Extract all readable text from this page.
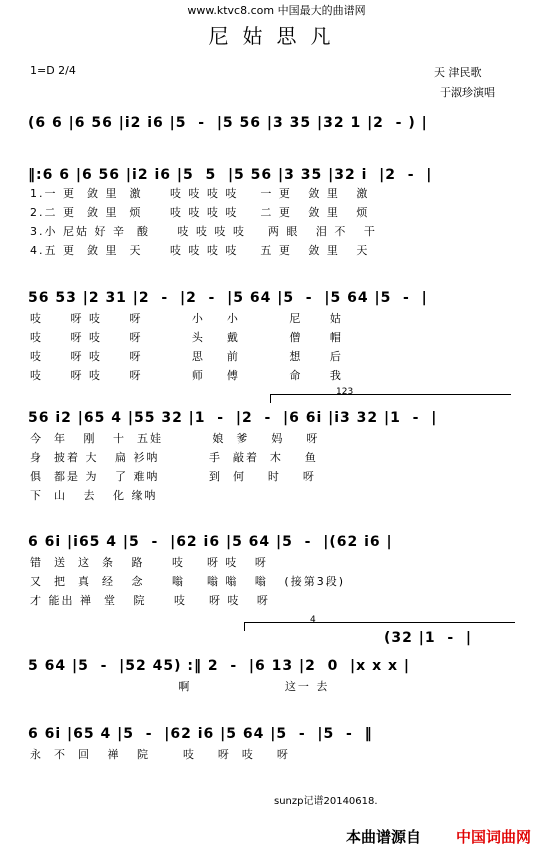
www.ktvc8.com 中国最大的曲谱网
尼姑思凡
1=D 2/4	天 津民歌
于淑珍演唱
(6 6 |6 56 |i2 i6 |5  -  |5 56 |3 35 |32 1 |2  - ) |
‖:6 6 |6 56 |i2 i6 |5  5  |5 56 |3 35 |32 i  |2  -  |
1.一 更  敛 里  激     吱 吱 吱 吱    一 更   敛 里   激
2.二 更  敛 里  烦     吱 吱 吱 吱    二 更   敛 里   烦
3.小 尼姑 好 辛  酸     吱 吱 吱 吱    两 眼   泪 不   干
4.五 更  敛 里  天     吱 吱 吱 吱    五 更   敛 里   天
56 53 |2 31 |2  -  |2  -  |5 64 |5  -  |5 64 |5  -  |
吱     呀 吱     呀         小    小         尼     姑
吱     呀 吱     呀         头    戴         僧     帽
吱     呀 吱     呀         思    前         想     后
吱     呀 吱     呀         师    傅         命     我
123
56 i2 |65 4 |55 32 |1  -  |2  -  |6 6i |i3 32 |1  -  |
今  年   刚   十  五娃         娘  爹    妈    呀
身  披着 大   扁 衫呐         手  敲着  木    鱼
俱  都是 为   了 难呐         到  何    时    呀
下  山   去   化 缘呐
6 6i |i65 4 |5  -  |62 i6 |5 64 |5  -  |(62 i6 |
错  送  这  条   路     吱    呀 吱   呀
又  把  真  经   念     嗡    嗡 嗡   嗡   (接第3段)
才 能出 禅  堂   院     吱    呀 吱   呀
4
(32 |1  -  |
5 64 |5  -  |52 45) :‖ 2  -  |6 13 |2  0  |x x x |
啊                 这一 去
6 6i |65 4 |5  -  |62 i6 |5 64 |5  -  |5  -  ‖
永  不  回   禅   院      吱    呀  吱    呀
sunzp记谱20140618.
本曲谱源自 中国词曲网
